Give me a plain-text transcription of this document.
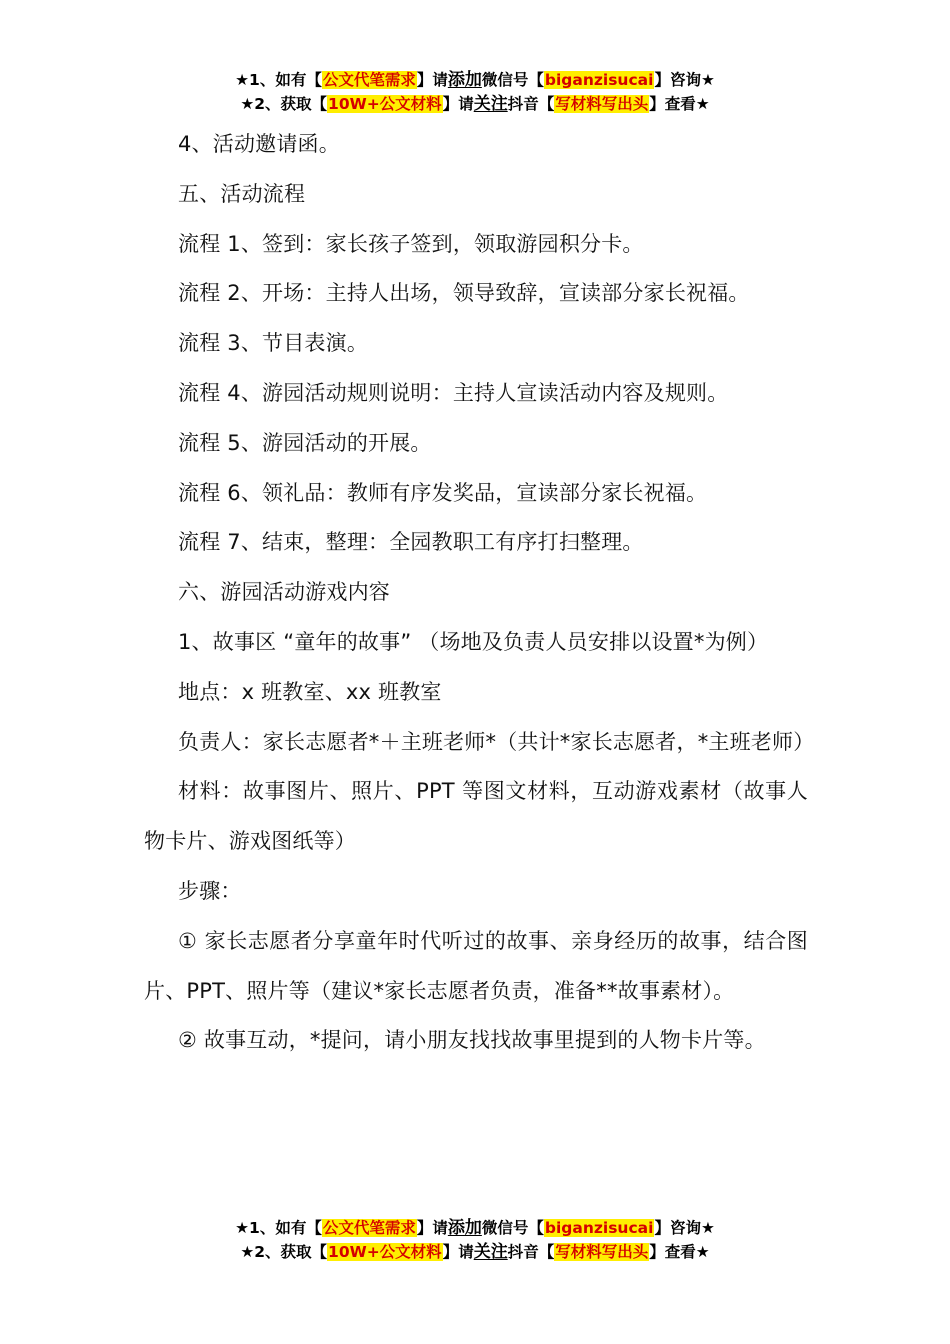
★1、如有【公文代笔需求】请添加微信号【biganzisucai】咨询★
★2、获取【10W+公文材料】请关注抖音【写材料写出头】查看★

4、活动邀请函。

五、活动流程

流程 1、签到：家长孩子签到，领取游园积分卡。

流程 2、开场：主持人出场，领导致辞，宣读部分家长祝福。

流程 3、节目表演。

流程 4、游园活动规则说明：主持人宣读活动内容及规则。

流程 5、游园活动的开展。

流程 6、领礼品：教师有序发奖品，宣读部分家长祝福。

流程 7、结束，整理：全园教职工有序打扫整理。

六、游园活动游戏内容

1、故事区 “童年的故事” （场地及负责人员安排以设置*为例）

地点：x 班教室、xx 班教室

负责人：家长志愿者*＋主班老师*（共计*家长志愿者，*主班老师）

材料：故事图片、照片、PPT 等图文材料，互动游戏素材（故事人物卡片、游戏图纸等）

步骤：

① 家长志愿者分享童年时代听过的故事、亲身经历的故事，结合图片、PPT、照片等（建议*家长志愿者负责，准备**故事素材）。

② 故事互动，*提问，请小朋友找找故事里提到的人物卡片等。

★1、如有【公文代笔需求】请添加微信号【biganzisucai】咨询★
★2、获取【10W+公文材料】请关注抖音【写材料写出头】查看★
